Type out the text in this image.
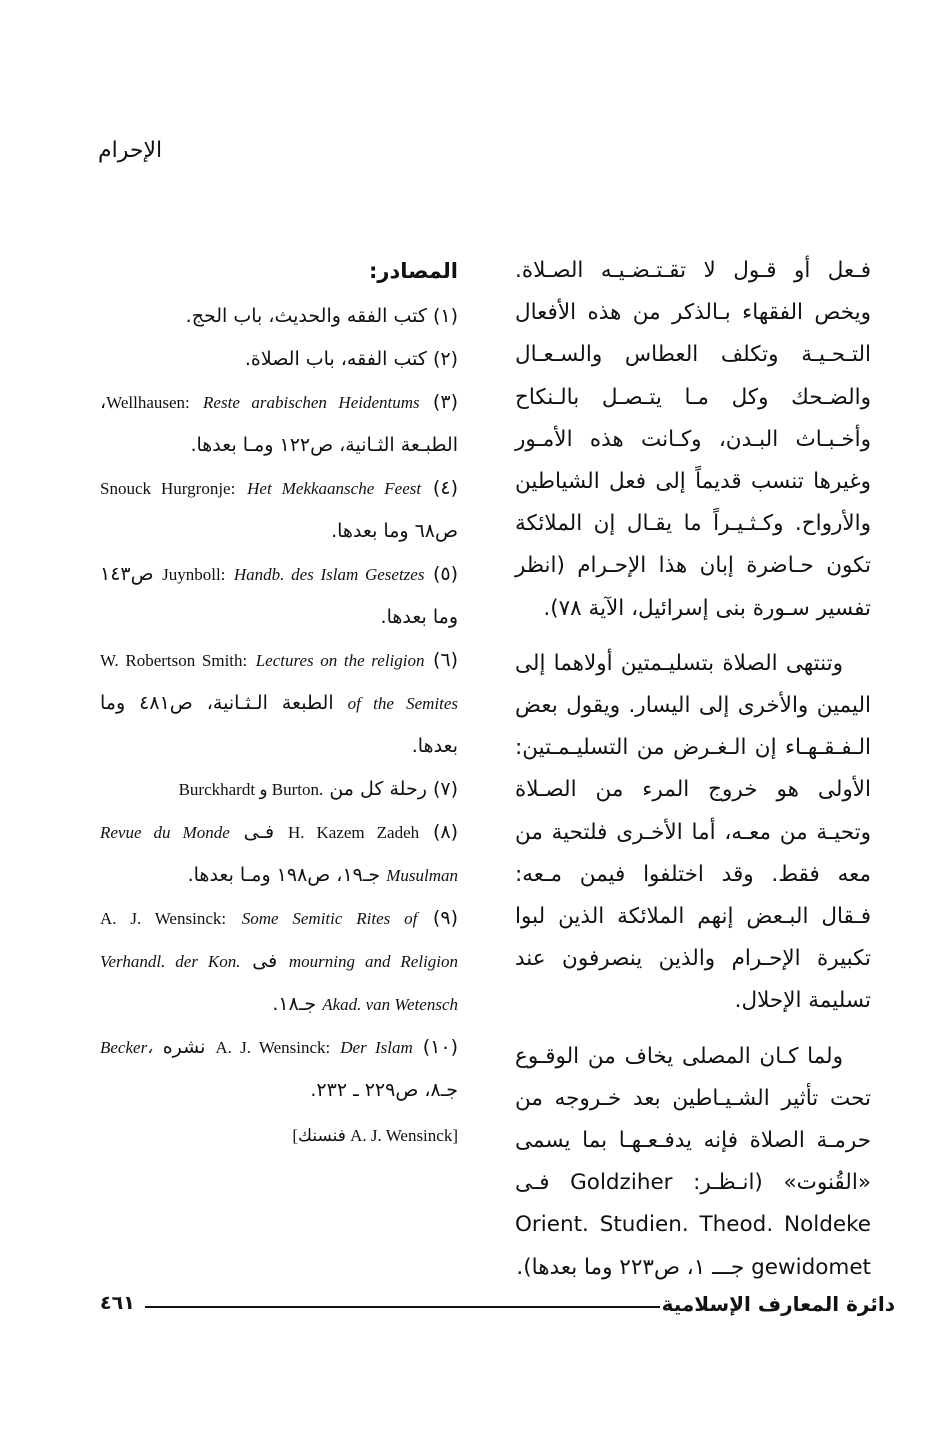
الإحرام

فـعل أو قـول لا تقـتـضـيـه الصـلاة. ويخص الفقهاء بـالذكر من هذه الأفعال التـحـيـة وتكلف العطاس والسـعـال والضـحك وكل مـا يتـصـل بالـنكاح وأخـبـاث البـدن، وكـانت هذه الأمـور وغيرها تنسب قديماً إلى فعل الشياطين والأرواح. وكـثـيـراً ما يقـال إن الملائكة تكون حـاضرة إبان هذا الإحـرام (انظر تفسير سـورة بنى إسرائيل، الآية ٧٨).

وتنتهى الصلاة بتسليـمتين أولاهما إلى اليمين والأخرى إلى اليسار. ويقول بعض الـفـقـهـاء إن الـغـرض من التسليـمـتين: الأولى هو خروج المرء من الصـلاة وتحيـة من معـه، أما الأخـرى فلتحية من معه فقط. وقد اختلفوا فيمن مـعه: فـقال البـعض إنهم الملائكة الذين لبوا تكبيرة الإحـرام والذين ينصرفون عند تسليمة الإحلال.

ولما كـان المصلى يخاف من الوقـوع تحت تأثير الشـيـاطين بعد خـروجه من حرمـة الصلاة فإنه يدفـعـهـا بما يسمى «القُنوت» (انـظـر: Goldziher فـى Orient. Studien. Theod. Noldeke gewidomet جـــ ١، ص٢٢٣ وما بعدها).

المصادر:
(١) كتب الفقه والحديث، باب الحج.
(٢) كتب الفقه، باب الصلاة.
(٣) Wellhausen: Reste arabischen Heidentums، الطبـعة الثـانية، ص١٢٢ ومـا بعدها.
(٤) Snouck Hurgronje: Het Mekkaansche Feest ص٦٨ وما بعدها.
(٥) Juynboll: Handb. des Islam Gesetzes ص١٤٣ وما بعدها.
(٦) W. Robertson Smith: Lectures on the religion of the Semites الطبعة الـثـانية، ص٤٨١ وما بعدها.
(٧) رحلة كل من Burckhardt و Burton.
(٨) H. Kazem Zadeh فـى Revue du Monde Musulman جـ١٩، ص١٩٨ ومـا بعدها.
(٩) A. J. Wensinck: Some Semitic Rites of mourning and Religion فى Verhandl. der Kon. Akad. van Wetensch جـ١٨.
(١٠) A. J. Wensinck: Der Islam نشره Becker، جـ٨، ص٢٢٩ ـ ٢٣٢.
[A. J. Wensinck فنسنك]
٤٦١	دائرة المعارف الإسلامية
